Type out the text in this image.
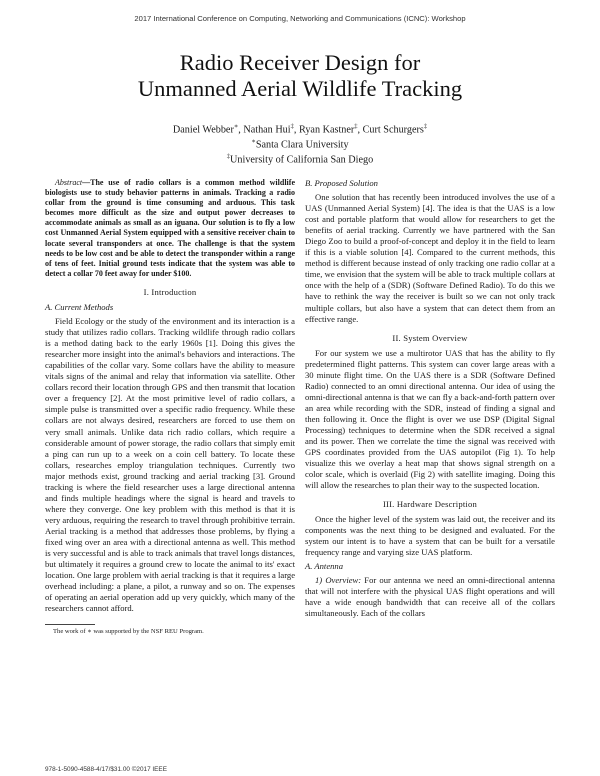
2017 International Conference on Computing, Networking and Communications (ICNC): Workshop
Radio Receiver Design for
Unmanned Aerial Wildlife Tracking
Daniel Webber∗, Nathan Hui‡, Ryan Kastner‡, Curt Schurgers‡
∗Santa Clara University
‡University of California San Diego

Abstract—The use of radio collars is a common method wildlife biologists use to study behavior patterns in animals. Tracking a radio collar from the ground is time consuming and arduous. This task becomes more difficult as the size and output power decreases to accommodate animals as small as an iguana. Our solution is to fly a low cost Unmanned Aerial System equipped with a sensitive receiver chain to locate several transponders at once. The challenge is that the system needs to be low cost and be able to detect the transponder within a range of tens of feet. Initial ground tests indicate that the system was able to detect a collar 70 feet away for under $100.

I. Introduction
A. Current Methods

Field Ecology or the study of the environment and its interaction is a study that utilizes radio collars. Tracking wildlife through radio collars is a method dating back to the early 1960s [1]. Doing this gives the researcher more insight into the animal's behaviors and interactions. The capabilities of the collar vary. Some collars have the ability to measure vitals signs of the animal and relay that information via satellite. Other collars record their location through GPS and then transmit that location over a frequency [2]. At the most primitive level of radio collars, a simple pulse is transmitted over a specific radio frequency. While these collars are not always desired, researchers are forced to use them on very small animals. Unlike data rich radio collars, which require a considerable amount of power storage, the radio collars that simply emit a ping can run up to a week on a coin cell battery. To locate these collars, researches employ triangulation techniques. Currently two major methods exist, ground tracking and aerial tracking [3]. Ground tracking is where the field researcher uses a large directional antenna and finds multiple headings where the signal is heard and travels to where they converge. One key problem with this method is that it is very arduous, requiring the research to travel through prohibitive terrain. Aerial tracking is a method that addresses those problems, by flying a fixed wing over an area with a directional antenna as well. This method is very successful and is able to track animals that travel longs distances, but ultimately it requires a ground crew to locate the animal to its' exact location. One large problem with aerial tracking is that it requires a large overhead including: a plane, a pilot, a runway and so on. The expenses of operating an aerial operation add up very quickly, which many of the researchers cannot afford.

The work of ∗ was supported by the NSF REU Program.

B. Proposed Solution

One solution that has recently been introduced involves the use of a UAS (Unmanned Aerial System) [4]. The idea is that the UAS is a low cost and portable platform that would allow for researchers to get the benefits of aerial tracking. Currently we have partnered with the San Diego Zoo to build a proof-of-concept and deploy it in the field to learn if this is a viable solution [4]. Compared to the current methods, this method is different because instead of only tracking one radio collar at a time, we envision that the system will be able to track multiple collars at once with the help of a (SDR) (Software Defined Radio). To do this we have to rethink the way the receiver is built so we can not only track multiple collars, but also have a system that can detect them from an effective range.

II. System Overview

For our system we use a multirotor UAS that has the ability to fly predetermined flight patterns. This system can cover large areas with a 30 minute flight time. On the UAS there is a SDR (Software Defined Radio) connected to an omni directional antenna. Our idea of using the omni-directional antenna is that we can fly a back-and-forth pattern over an area while recording with the SDR, instead of finding a signal and then following it. Once the flight is over we use DSP (Digital Signal Processing) techniques to determine when the SDR received a signal and its power. Then we correlate the time the signal was received with GPS coordinates provided from the UAS autopilot (Fig 1). To help visualize this we overlay a heat map that shows signal strength on a color scale, which is overlaid (Fig 2) with satellite imaging. Doing this will allow the researches to plan their way to the suspected location.

III. Hardware Description

Once the higher level of the system was laid out, the receiver and its components was the next thing to be designed and evaluated. For the system our intent is to have a system that can be built for a versatile frequency range and varying size UAS platform.

A. Antenna

1) Overview: For our antenna we need an omni-directional antenna that will not interfere with the physical UAS flight operations and will have a wide enough bandwidth that can receive all of the collars simultaneously. Each of the collars

978-1-5090-4588-4/17/$31.00 ©2017 IEEE
